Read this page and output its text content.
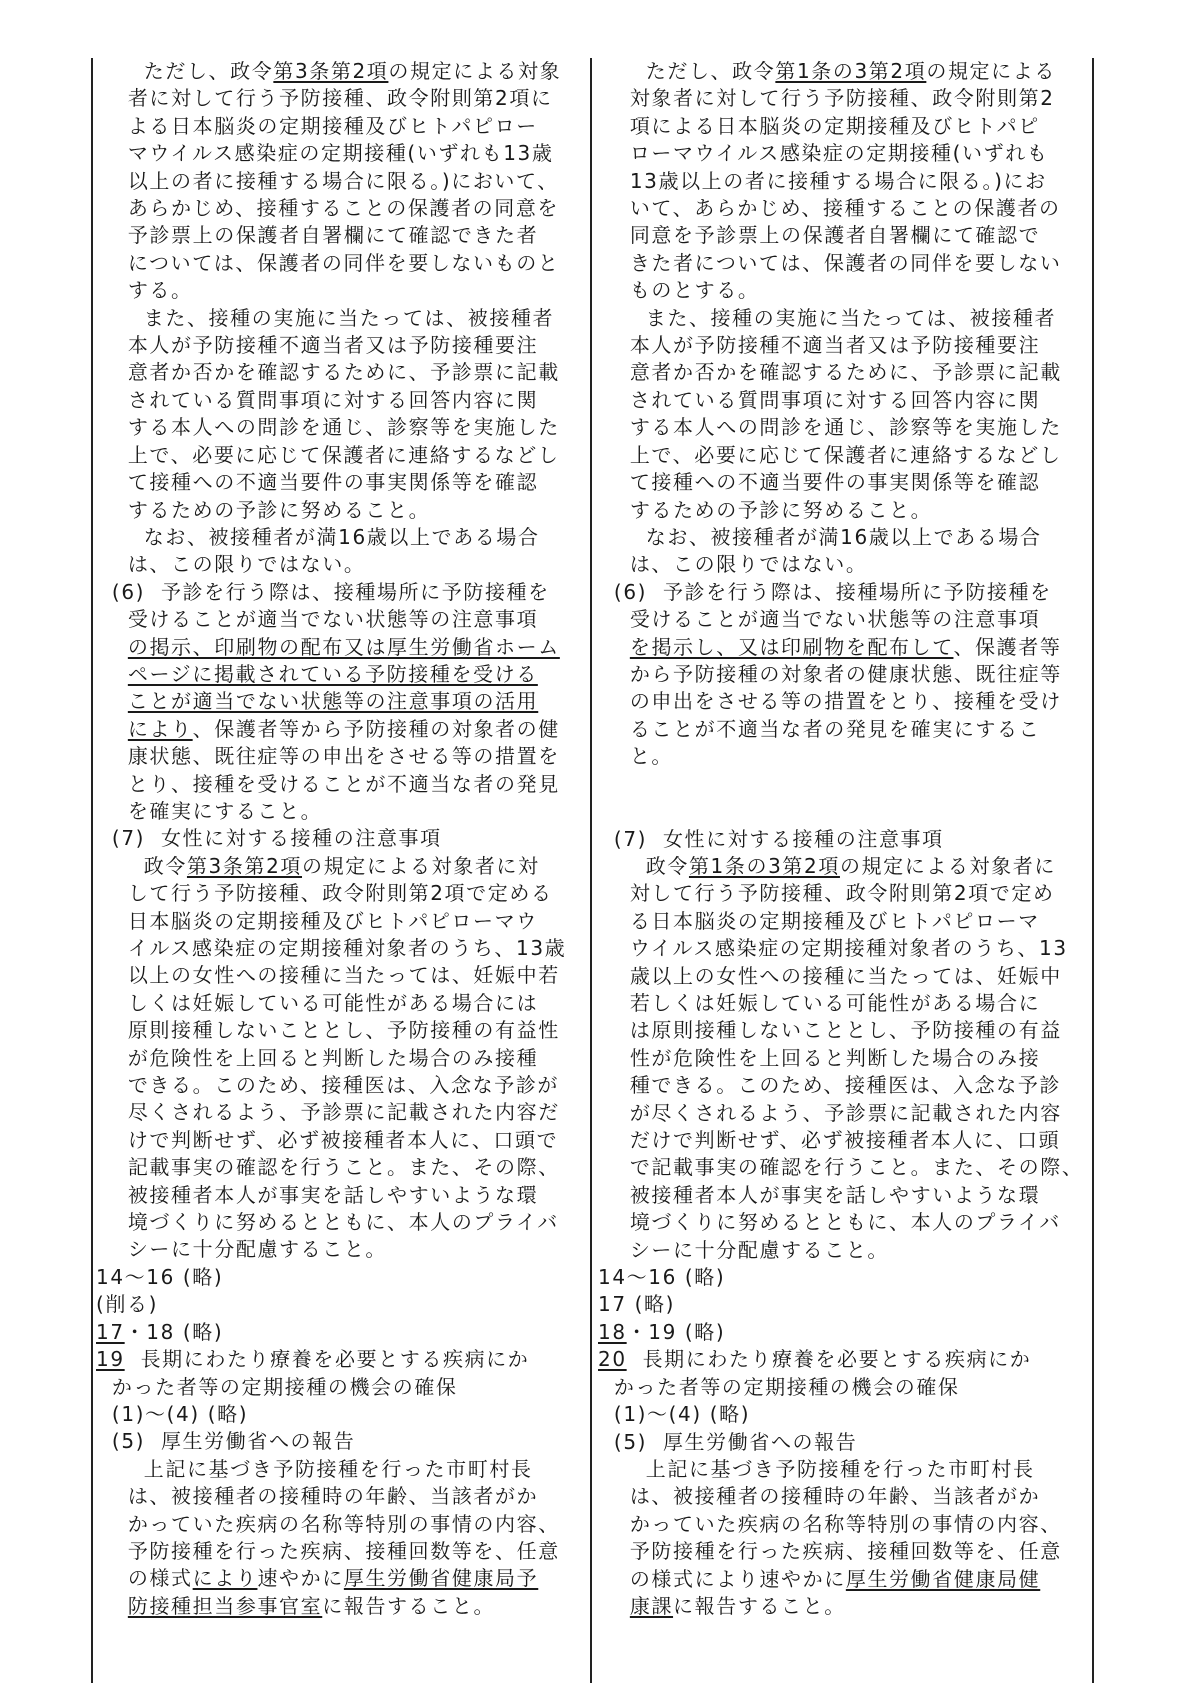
ただし、政令第3条第2項の規定による対象
者に対して行う予防接種、政令附則第2項に
よる日本脳炎の定期接種及びヒトパピロー
マウイルス感染症の定期接種(いずれも13歳
以上の者に接種する場合に限る。)において、
あらかじめ、接種することの保護者の同意を
予診票上の保護者自署欄にて確認できた者
については、保護者の同伴を要しないものと
する。
また、接種の実施に当たっては、被接種者
本人が予防接種不適当者又は予防接種要注
意者か否かを確認するために、予診票に記載
されている質問事項に対する回答内容に関
する本人への問診を通じ、診察等を実施した
上で、必要に応じて保護者に連絡するなどし
て接種への不適当要件の事実関係等を確認
するための予診に努めること。
なお、被接種者が満16歳以上である場合
は、この限りではない。
(6)  予診を行う際は、接種場所に予防接種を
受けることが適当でない状態等の注意事項
の掲示、印刷物の配布又は厚生労働省ホーム
ページに掲載されている予防接種を受ける
ことが適当でない状態等の注意事項の活用
により、保護者等から予防接種の対象者の健
康状態、既往症等の申出をさせる等の措置を
とり、接種を受けることが不適当な者の発見
を確実にすること。
(7)  女性に対する接種の注意事項
政令第3条第2項の規定による対象者に対
して行う予防接種、政令附則第2項で定める
日本脳炎の定期接種及びヒトパピローマウ
イルス感染症の定期接種対象者のうち、13歳
以上の女性への接種に当たっては、妊娠中若
しくは妊娠している可能性がある場合には
原則接種しないこととし、予防接種の有益性
が危険性を上回ると判断した場合のみ接種
できる。このため、接種医は、入念な予診が
尽くされるよう、予診票に記載された内容だ
けで判断せず、必ず被接種者本人に、口頭で
記載事実の確認を行うこと。また、その際、
被接種者本人が事実を話しやすいような環
境づくりに努めるとともに、本人のプライバ
シーに十分配慮すること。
14〜16 (略)
(削る)
17・18 (略)
19  長期にわたり療養を必要とする疾病にか
かった者等の定期接種の機会の確保
(1)〜(4) (略)
(5)  厚生労働省への報告
上記に基づき予防接種を行った市町村長
は、被接種者の接種時の年齢、当該者がか
かっていた疾病の名称等特別の事情の内容、
予防接種を行った疾病、接種回数等を、任意
の様式により速やかに厚生労働省健康局予
防接種担当参事官室に報告すること。
ただし、政令第1条の3第2項の規定による
対象者に対して行う予防接種、政令附則第2
項による日本脳炎の定期接種及びヒトパピ
ローマウイルス感染症の定期接種(いずれも
13歳以上の者に接種する場合に限る。)にお
いて、あらかじめ、接種することの保護者の
同意を予診票上の保護者自署欄にて確認で
きた者については、保護者の同伴を要しない
ものとする。
また、接種の実施に当たっては、被接種者
本人が予防接種不適当者又は予防接種要注
意者か否かを確認するために、予診票に記載
されている質問事項に対する回答内容に関
する本人への問診を通じ、診察等を実施した
上で、必要に応じて保護者に連絡するなどし
て接種への不適当要件の事実関係等を確認
するための予診に努めること。
なお、被接種者が満16歳以上である場合
は、この限りではない。
(6)  予診を行う際は、接種場所に予防接種を
受けることが適当でない状態等の注意事項
を掲示し、又は印刷物を配布して、保護者等
から予防接種の対象者の健康状態、既往症等
の申出をさせる等の措置をとり、接種を受け
ることが不適当な者の発見を確実にするこ
と。
(7)  女性に対する接種の注意事項
政令第1条の3第2項の規定による対象者に
対して行う予防接種、政令附則第2項で定め
る日本脳炎の定期接種及びヒトパピローマ
ウイルス感染症の定期接種対象者のうち、13
歳以上の女性への接種に当たっては、妊娠中
若しくは妊娠している可能性がある場合に
は原則接種しないこととし、予防接種の有益
性が危険性を上回ると判断した場合のみ接
種できる。このため、接種医は、入念な予診
が尽くされるよう、予診票に記載された内容
だけで判断せず、必ず被接種者本人に、口頭
で記載事実の確認を行うこと。また、その際、
被接種者本人が事実を話しやすいような環
境づくりに努めるとともに、本人のプライバ
シーに十分配慮すること。
14〜16 (略)
17 (略)
18・19 (略)
20  長期にわたり療養を必要とする疾病にか
かった者等の定期接種の機会の確保
(1)〜(4) (略)
(5)  厚生労働省への報告
上記に基づき予防接種を行った市町村長
は、被接種者の接種時の年齢、当該者がか
かっていた疾病の名称等特別の事情の内容、
予防接種を行った疾病、接種回数等を、任意
の様式により速やかに厚生労働省健康局健
康課に報告すること。
